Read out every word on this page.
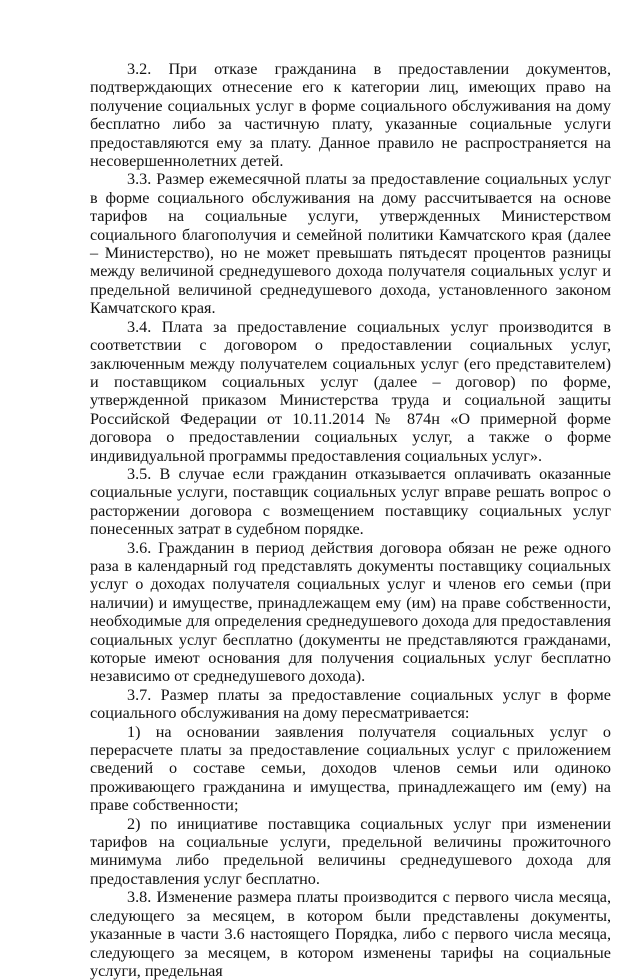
3.2. При отказе гражданина в предоставлении документов, подтверждающих отнесение его к категории лиц, имеющих право на получение социальных услуг в форме социального обслуживания на дому бесплатно либо за частичную плату, указанные социальные услуги предоставляются ему за плату. Данное правило не распространяется на несовершеннолетних детей.

3.3. Размер ежемесячной платы за предоставление социальных услуг в форме социального обслуживания на дому рассчитывается на основе тарифов на социальные услуги, утвержденных Министерством социального благополучия и семейной политики Камчатского края (далее – Министерство), но не может превышать пятьдесят процентов разницы между величиной среднедушевого дохода получателя социальных услуг и предельной величиной среднедушевого дохода, установленного законом Камчатского края.

3.4. Плата за предоставление социальных услуг производится в соответствии с договором о предоставлении социальных услуг, заключенным между получателем социальных услуг (его представителем) и поставщиком социальных услуг (далее – договор) по форме, утвержденной приказом Министерства труда и социальной защиты Российской Федерации от 10.11.2014 № 874н «О примерной форме договора о предоставлении социальных услуг, а также о форме индивидуальной программы предоставления социальных услуг».

3.5. В случае если гражданин отказывается оплачивать оказанные социальные услуги, поставщик социальных услуг вправе решать вопрос о расторжении договора с возмещением поставщику социальных услуг понесенных затрат в судебном порядке.

3.6. Гражданин в период действия договора обязан не реже одного раза в календарный год представлять документы поставщику социальных услуг о доходах получателя социальных услуг и членов его семьи (при наличии) и имуществе, принадлежащем ему (им) на праве собственности, необходимые для определения среднедушевого дохода для предоставления социальных услуг бесплатно (документы не представляются гражданами, которые имеют основания для получения социальных услуг бесплатно независимо от среднедушевого дохода).

3.7. Размер платы за предоставление социальных услуг в форме социального обслуживания на дому пересматривается:

1) на основании заявления получателя социальных услуг о перерасчете платы за предоставление социальных услуг с приложением сведений о составе семьи, доходов членов семьи или одиноко проживающего гражданина и имущества, принадлежащего им (ему) на праве собственности;

2) по инициативе поставщика социальных услуг при изменении тарифов на социальные услуги, предельной величины прожиточного минимума либо предельной величины среднедушевого дохода для предоставления услуг бесплатно.

3.8. Изменение размера платы производится с первого числа месяца, следующего за месяцем, в котором были представлены документы, указанные в части 3.6 настоящего Порядка, либо с первого числа месяца, следующего за месяцем, в котором изменены тарифы на социальные услуги, предельная
